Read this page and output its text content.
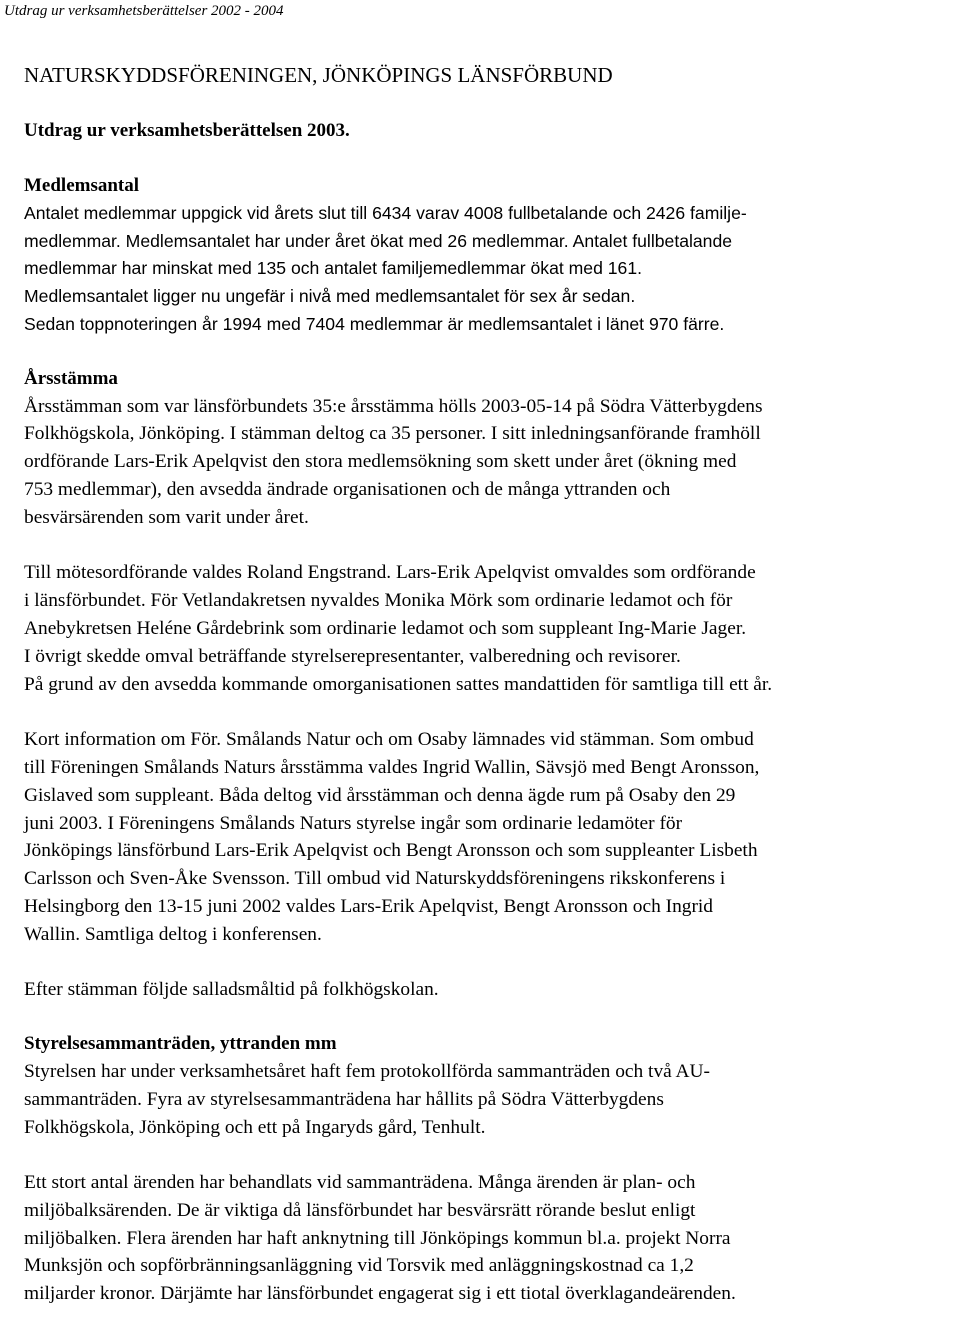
Utdrag ur verksamhetsberättelser 2002 - 2004
NATURSKYDDSFÖRENINGEN, JÖNKÖPINGS LÄNSFÖRBUND
Utdrag ur verksamhetsberättelsen 2003.
Medlemsantal
Antalet medlemmar uppgick vid årets slut till 6434 varav 4008 fullbetalande och 2426 familje-
medlemmar. Medlemsantalet har under året ökat med 26 medlemmar. Antalet fullbetalande
medlemmar har minskat med 135 och antalet familjemedlemmar ökat med 161.
Medlemsantalet ligger nu ungefär i nivå med medlemsantalet för sex år sedan.
Sedan toppnoteringen år 1994 med 7404 medlemmar är medlemsantalet i länet 970 färre.
Årsstämma
Årsstämman som var länsförbundets 35:e årsstämma hölls 2003-05-14 på Södra Vätterbygdens
Folkhögskola, Jönköping. I stämman deltog ca 35 personer. I sitt inledningsanförande framhöll
ordförande Lars-Erik Apelqvist den stora medlemsökning som skett under året (ökning med
753 medlemmar), den avsedda ändrade organisationen och de många yttranden och
besvärsärenden som varit under året.
Till mötesordförande valdes Roland Engstrand. Lars-Erik Apelqvist omvaldes som ordförande
i länsförbundet. För Vetlandakretsen nyvaldes Monika Mörk som ordinarie ledamot och för
Anebykretsen Heléne Gårdebrink som ordinarie ledamot och som suppleant Ing-Marie Jager.
I övrigt skedde omval beträffande styrelserepresentanter, valberedning och revisorer.
På grund av den avsedda kommande omorganisationen sattes mandattiden för samtliga till ett år.
Kort information om För. Smålands Natur och om Osaby lämnades vid stämman. Som ombud
till Föreningen Smålands Naturs årsstämma valdes Ingrid Wallin, Sävsjö med Bengt Aronsson,
Gislaved som suppleant. Båda deltog vid årsstämman och denna ägde rum på Osaby den 29
juni 2003. I Föreningens Smålands Naturs styrelse ingår som ordinarie ledamöter för
Jönköpings länsförbund Lars-Erik Apelqvist och Bengt Aronsson och som suppleanter Lisbeth
Carlsson och Sven-Åke Svensson. Till ombud vid Naturskyddsföreningens rikskonferens i
Helsingborg den 13-15 juni 2002 valdes Lars-Erik Apelqvist, Bengt Aronsson och Ingrid
Wallin. Samtliga deltog i konferensen.
Efter stämman följde salladsmåltid på folkhögskolan.
Styrelsesammanträden, yttranden mm
Styrelsen har under verksamhetsåret haft fem protokollförda sammanträden och två AU-
sammanträden. Fyra av styrelsesammanträdena har hållits på Södra Vätterbygdens
Folkhögskola, Jönköping och ett på Ingaryds gård, Tenhult.
Ett stort antal ärenden har behandlats vid sammanträdena. Många ärenden är plan- och
miljöbalksärenden. De är viktiga då länsförbundet har besvärsrätt rörande beslut enligt
miljöbalken. Flera ärenden har haft anknytning till Jönköpings kommun bl.a. projekt Norra
Munksjön och sopförbränningsanläggning vid Torsvik med anläggningskostnad ca 1,2
miljarder kronor. Därjämte har länsförbundet engagerat sig i ett tiotal överklagandeärenden.
